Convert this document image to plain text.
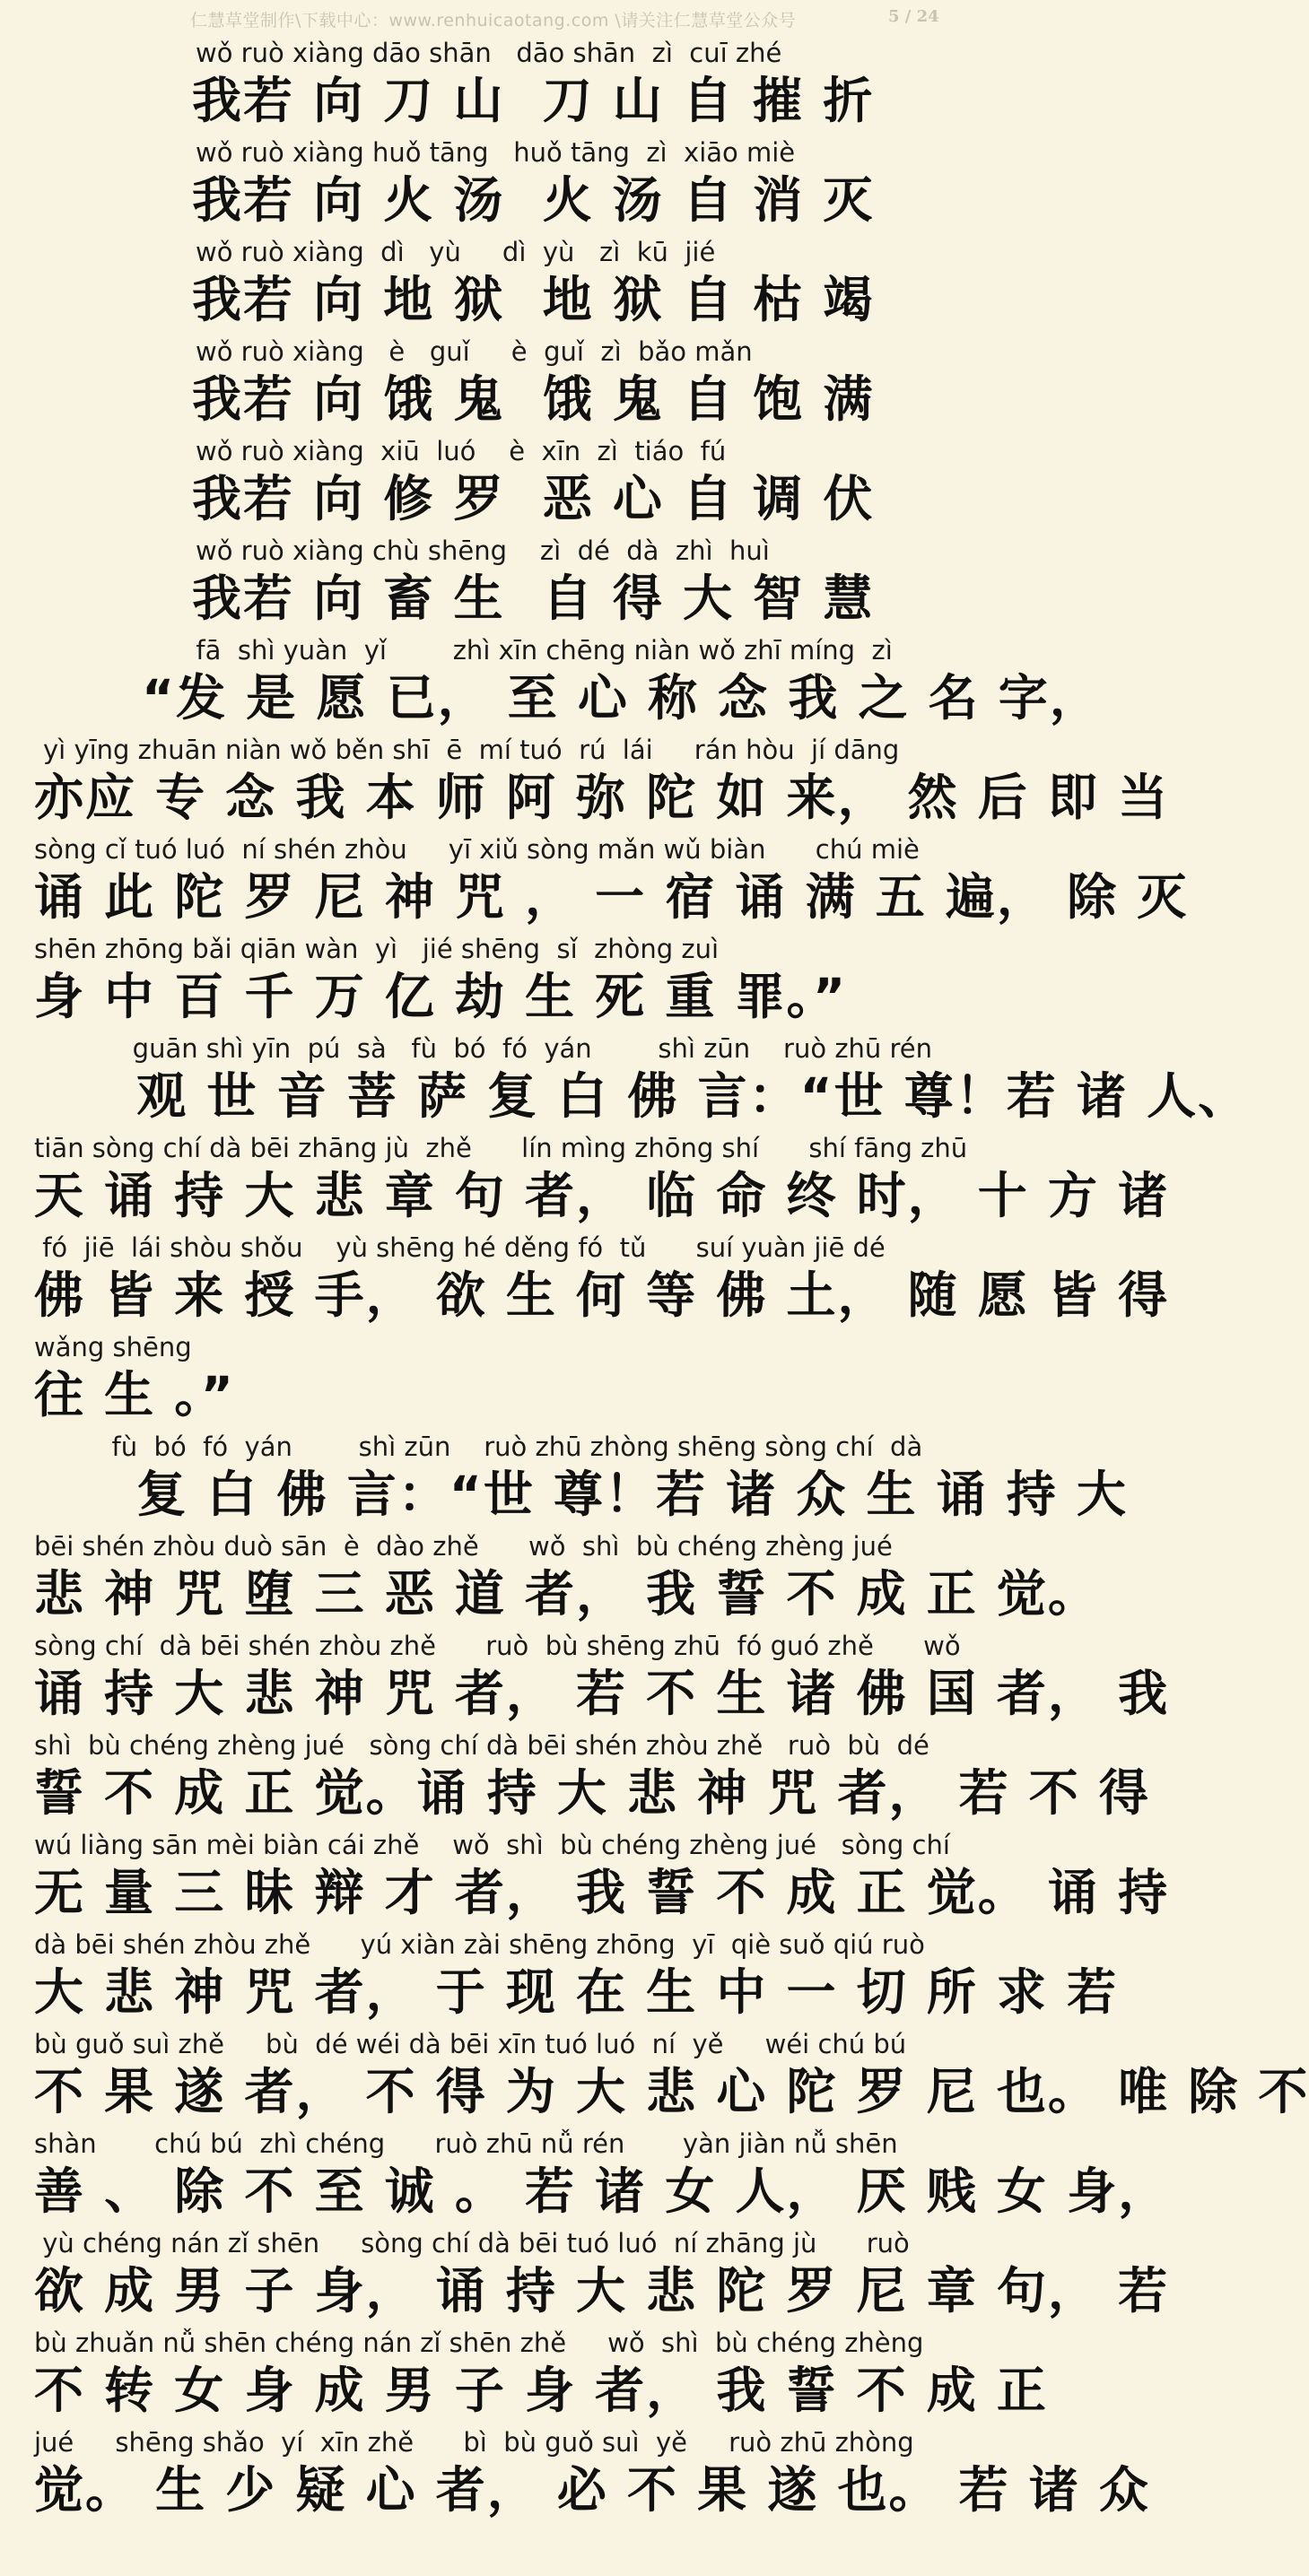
仁慧草堂制作\下载中心：www.renhuicaotang.com \请关注仁慧草堂公众号	5 / 24
wǒ ruò xiàng dāo shān   dāo shān  zì  cuī zhé
我若 向 刀 山  刀 山 自 摧 折
wǒ ruò xiàng huǒ tāng   huǒ tāng  zì  xiāo miè
我若 向 火 汤  火 汤 自 消 灭
wǒ ruò xiàng  dì   yù     dì  yù   zì  kū  jié
我若 向 地 狱  地 狱 自 枯 竭
wǒ ruò xiàng   è   guǐ     è  guǐ  zì  bǎo mǎn
我若 向 饿 鬼  饿 鬼 自 饱 满
wǒ ruò xiàng  xiū  luó    è  xīn  zì  tiáo  fú
我若 向 修 罗  恶 心 自 调 伏
wǒ ruò xiàng chù shēng    zì  dé  dà  zhì  huì
我若 向 畜 生  自 得 大 智 慧
fā  shì yuàn  yǐ        zhì xīn chēng niàn wǒ zhī míng  zì
“发 是 愿 已， 至 心 称 念 我 之 名 字，
yì yīng zhuān niàn wǒ běn shī  ē  mí tuó  rú  lái     rán hòu  jí dāng
亦应 专 念 我 本 师 阿 弥 陀 如 来， 然 后 即 当
sòng cǐ tuó luó  ní shén zhòu     yī xiǔ sòng mǎn wǔ biàn      chú miè
诵 此 陀 罗 尼 神 咒 ， 一 宿 诵 满 五 遍， 除 灭
shēn zhōng bǎi qiān wàn  yì   jié shēng  sǐ  zhòng zuì
身 中 百 千 万 亿 劫 生 死 重 罪。”
guān shì yīn  pú  sà   fù  bó  fó  yán        shì zūn    ruò zhū rén
观 世 音 菩 萨 复 白 佛 言：“世 尊！若 诸 人、
tiān sòng chí dà bēi zhāng jù  zhě      lín mìng zhōng shí      shí fāng zhū
天 诵 持 大 悲 章 句 者， 临 命 终 时， 十 方 诸
fó  jiē  lái shòu shǒu    yù shēng hé děng fó  tǔ      suí yuàn jiē dé
佛 皆 来 授 手， 欲 生 何 等 佛 土， 随 愿 皆 得
wǎng shēng
往 生 。”
fù  bó  fó  yán        shì zūn    ruò zhū zhòng shēng sòng chí  dà
复 白 佛 言：“世 尊！若 诸 众 生 诵 持 大
bēi shén zhòu duò sān  è  dào zhě      wǒ  shì  bù chéng zhèng jué
悲 神 咒 堕 三 恶 道 者， 我 誓 不 成 正 觉。
sòng chí  dà bēi shén zhòu zhě      ruò  bù shēng zhū  fó guó zhě      wǒ
诵 持 大 悲 神 咒 者， 若 不 生 诸 佛 国 者， 我
shì  bù chéng zhèng jué   sòng chí dà bēi shén zhòu zhě   ruò  bù  dé
誓 不 成 正 觉。诵 持 大 悲 神 咒 者， 若 不 得
wú liàng sān mèi biàn cái zhě    wǒ  shì  bù chéng zhèng jué   sòng chí
无 量 三 昧 辩 才 者， 我 誓 不 成 正 觉。 诵 持
dà bēi shén zhòu zhě      yú xiàn zài shēng zhōng  yī  qiè suǒ qiú ruò
大 悲 神 咒 者， 于 现 在 生 中 一 切 所 求 若
bù guǒ suì zhě     bù  dé wéi dà bēi xīn tuó luó  ní  yě     wéi chú bú
不 果 遂 者， 不 得 为 大 悲 心 陀 罗 尼 也。 唯 除 不
shàn       chú bú  zhì chéng      ruò zhū nǚ rén       yàn jiàn nǚ shēn
善 、 除 不 至 诚 。 若 诸 女 人， 厌 贱 女 身，
yù chéng nán zǐ shēn     sòng chí dà bēi tuó luó  ní zhāng jù      ruò
欲 成 男 子 身， 诵 持 大 悲 陀 罗 尼 章 句， 若
bù zhuǎn nǚ shēn chéng nán zǐ shēn zhě     wǒ  shì  bù chéng zhèng
不 转 女 身 成 男 子 身 者， 我 誓 不 成 正
jué     shēng shǎo  yí  xīn zhě      bì  bù guǒ suì  yě     ruò zhū zhòng
觉。 生 少 疑 心 者， 必 不 果 遂 也。 若 诸 众
